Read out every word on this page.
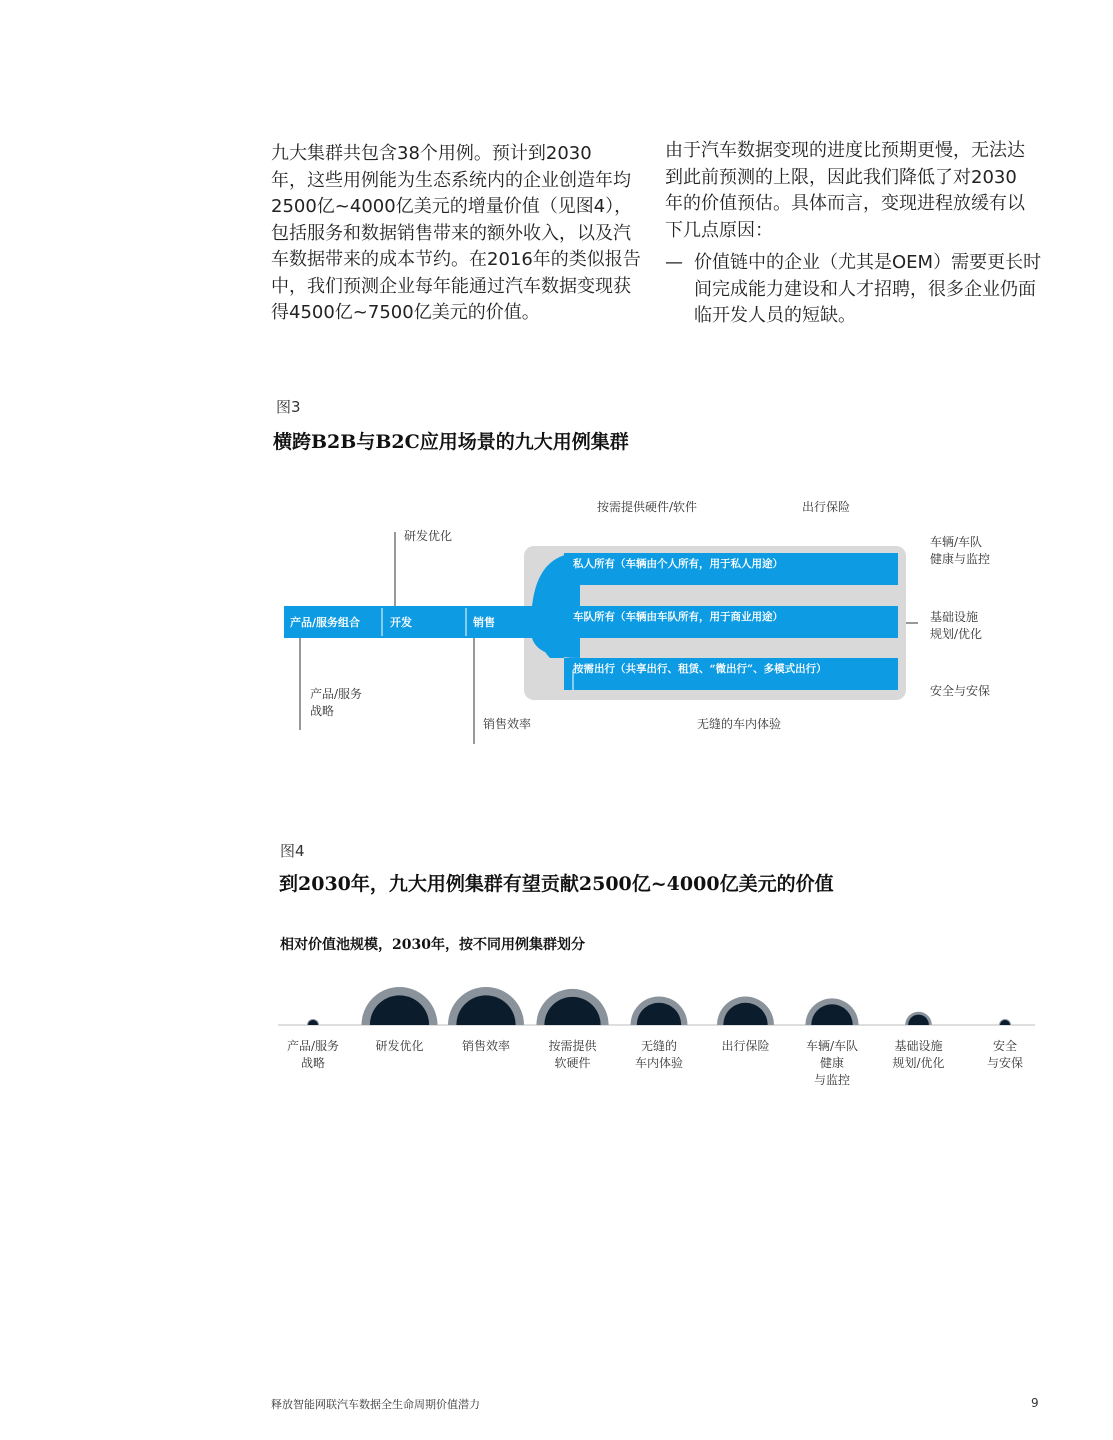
九大集群共包含38个用例。预计到2030
年，这些用例能为生态系统内的企业创造年均
2500亿~4000亿美元的增量价值（见图4），
包括服务和数据销售带来的额外收入，以及汽
车数据带来的成本节约。在2016年的类似报告
中，我们预测企业每年能通过汽车数据变现获
得4500亿~7500亿美元的价值。
由于汽车数据变现的进度比预期更慢，无法达
到此前预测的上限，因此我们降低了对2030
年的价值预估。具体而言，变现进程放缓有以
下几点原因：
— 价值链中的企业（尤其是OEM）需要更长时
间完成能力建设和人才招聘，很多企业仍面
临开发人员的短缺。
图3
横跨B2B与B2C应用场景的九大用例集群
产品/服务组合	开发	销售
私人所有（车辆由个人所有，用于私人用途）
车队所有（车辆由车队所有，用于商业用途）
按需出行（共享出行、租赁、“微出行”、多模式出行）
研发优化
按需提供硬件/软件	出行保险
产品/服务
战略
销售效率	无缝的车内体验
车辆/车队
健康与监控
基础设施
规划/优化
安全与安保
图4
到2030年，九大用例集群有望贡献2500亿~4000亿美元的价值
相对价值池规模，2030年，按不同用例集群划分
产品/服务
战略
研发优化	销售效率	按需提供
软硬件
无缝的
车内体验
出行保险	车辆/车队
健康
与监控
基础设施
规划/优化
安全
与安保
释放智能网联汽车数据全生命周期价值潜力	9
